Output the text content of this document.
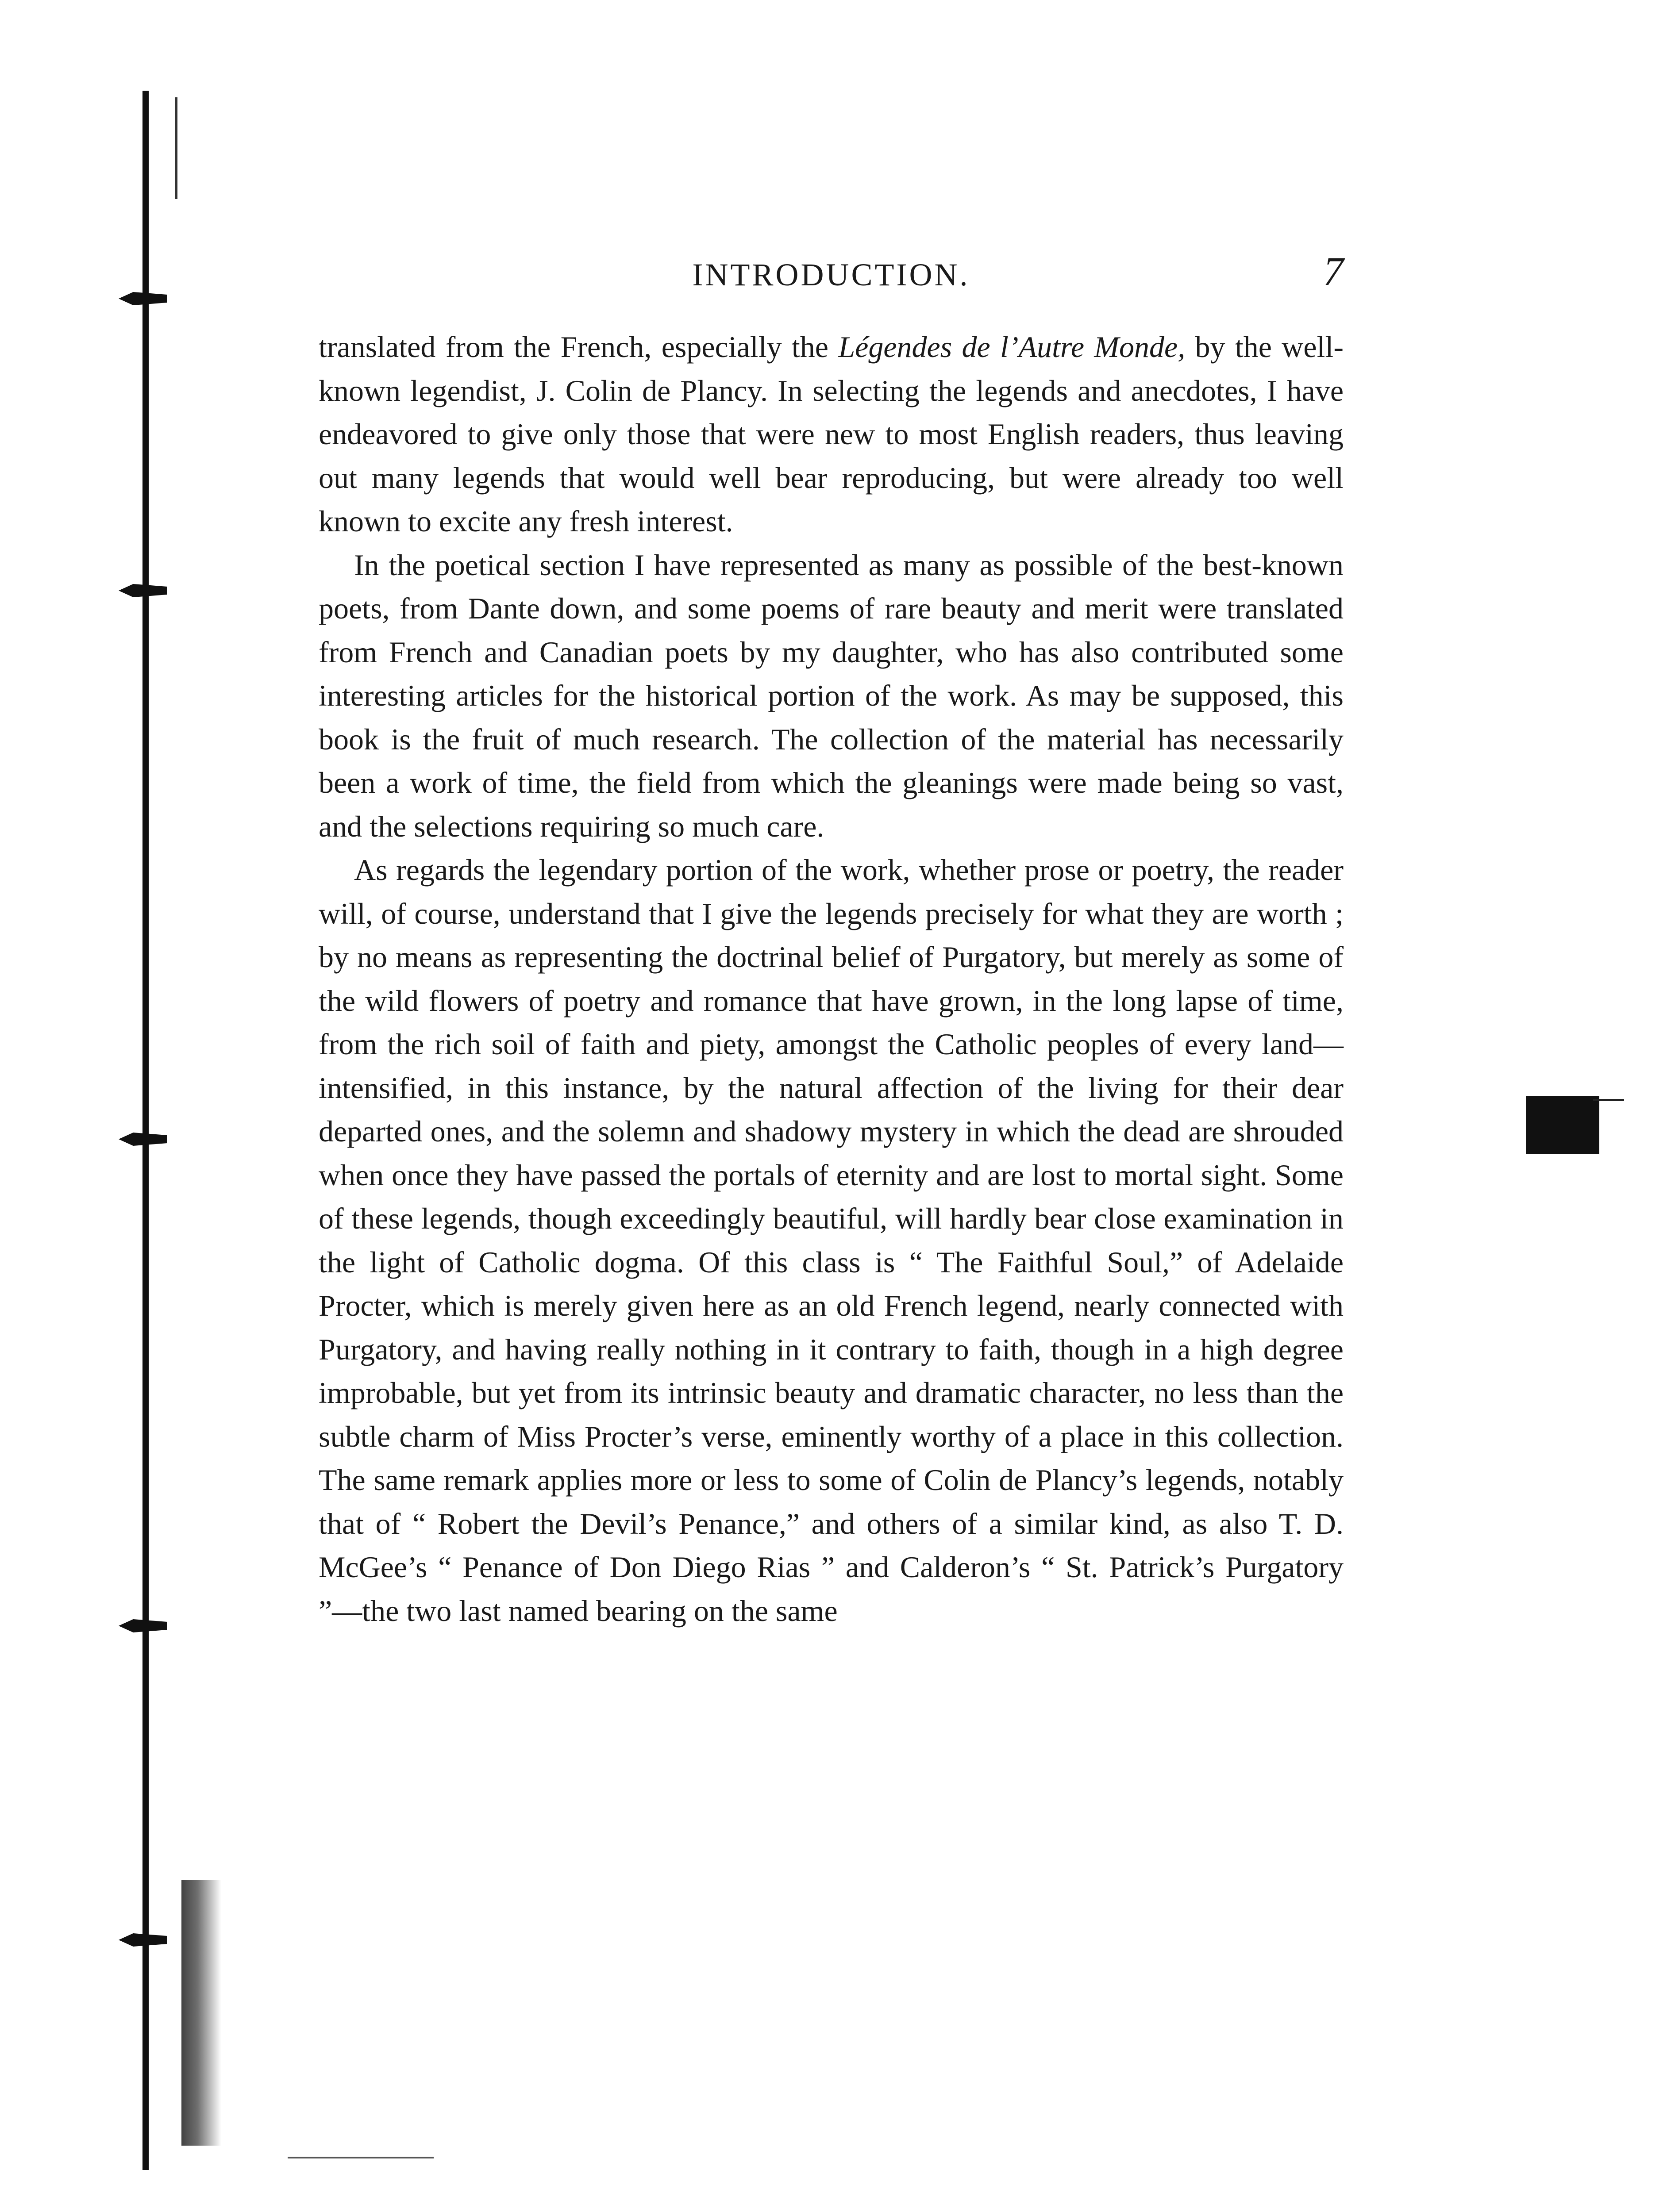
INTRODUCTION.	7

translated from the French, especially the Légendes de l’Autre Monde, by the well-known legendist, J. Colin de Plancy. In selecting the legends and anecdotes, I have endeavored to give only those that were new to most English readers, thus leaving out many legends that would well bear reproducing, but were already too well known to excite any fresh interest.

In the poetical section I have represented as many as possible of the best-known poets, from Dante down, and some poems of rare beauty and merit were translated from French and Canadian poets by my daughter, who has also contributed some interesting articles for the historical portion of the work. As may be supposed, this book is the fruit of much research. The collection of the material has necessarily been a work of time, the field from which the gleanings were made being so vast, and the selections requiring so much care.

As regards the legendary portion of the work, whether prose or poetry, the reader will, of course, understand that I give the legends precisely for what they are worth ; by no means as representing the doctrinal belief of Purgatory, but merely as some of the wild flowers of poetry and romance that have grown, in the long lapse of time, from the rich soil of faith and piety, amongst the Catholic peoples of every land—intensified, in this instance, by the natural affection of the living for their dear departed ones, and the solemn and shadowy mystery in which the dead are shrouded when once they have passed the portals of eternity and are lost to mortal sight. Some of these legends, though exceedingly beautiful, will hardly bear close examination in the light of Catholic dogma. Of this class is “ The Faithful Soul,” of Adelaide Procter, which is merely given here as an old French legend, nearly connected with Purgatory, and having really nothing in it contrary to faith, though in a high degree improbable, but yet from its intrinsic beauty and dramatic character, no less than the subtle charm of Miss Procter’s verse, eminently worthy of a place in this collection. The same remark applies more or less to some of Colin de Plancy’s legends, notably that of “ Robert the Devil’s Penance,” and others of a similar kind, as also T. D. McGee’s “ Penance of Don Diego Rias ” and Calderon’s “ St. Patrick’s Purgatory ”—the two last named bearing on the same
